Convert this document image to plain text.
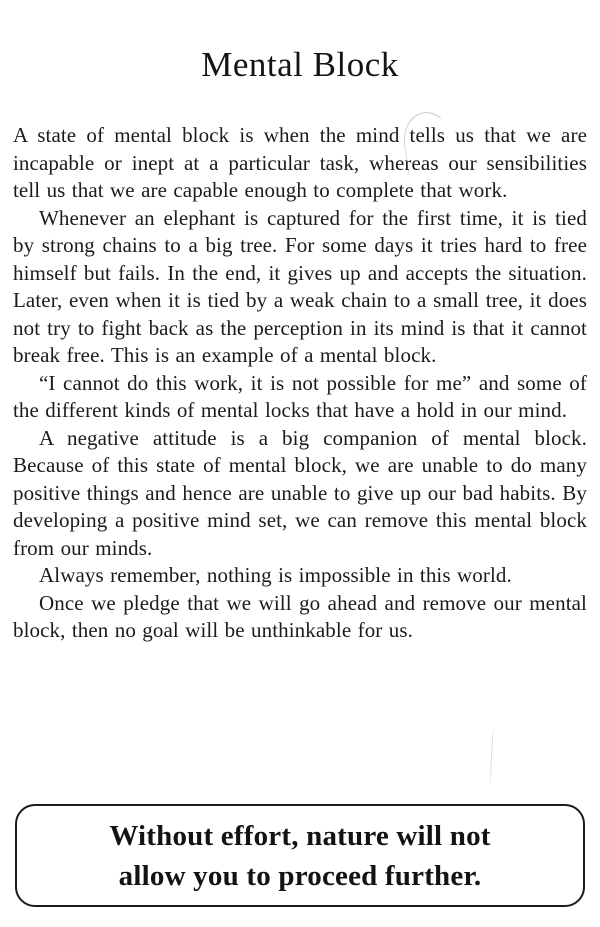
Mental Block

A state of mental block is when the mind tells us that we are incapable or inept at a particular task, whereas our sensibilities tell us that we are capable enough to complete that work.

Whenever an elephant is captured for the first time, it is tied by strong chains to a big tree. For some days it tries hard to free himself but fails. In the end, it gives up and accepts the situation. Later, even when it is tied by a weak chain to a small tree, it does not try to fight back as the perception in its mind is that it cannot break free. This is an example of a mental block.

“I cannot do this work, it is not possible for me” and some of the different kinds of mental locks that have a hold in our mind.

A negative attitude is a big companion of mental block. Because of this state of mental block, we are unable to do many positive things and hence are unable to give up our bad habits. By developing a positive mind set, we can remove this mental block from our minds.

Always remember, nothing is impossible in this world.

Once we pledge that we will go ahead and remove our mental block, then no goal will be unthinkable for us.

Without effort, nature will not
allow you to proceed further.
